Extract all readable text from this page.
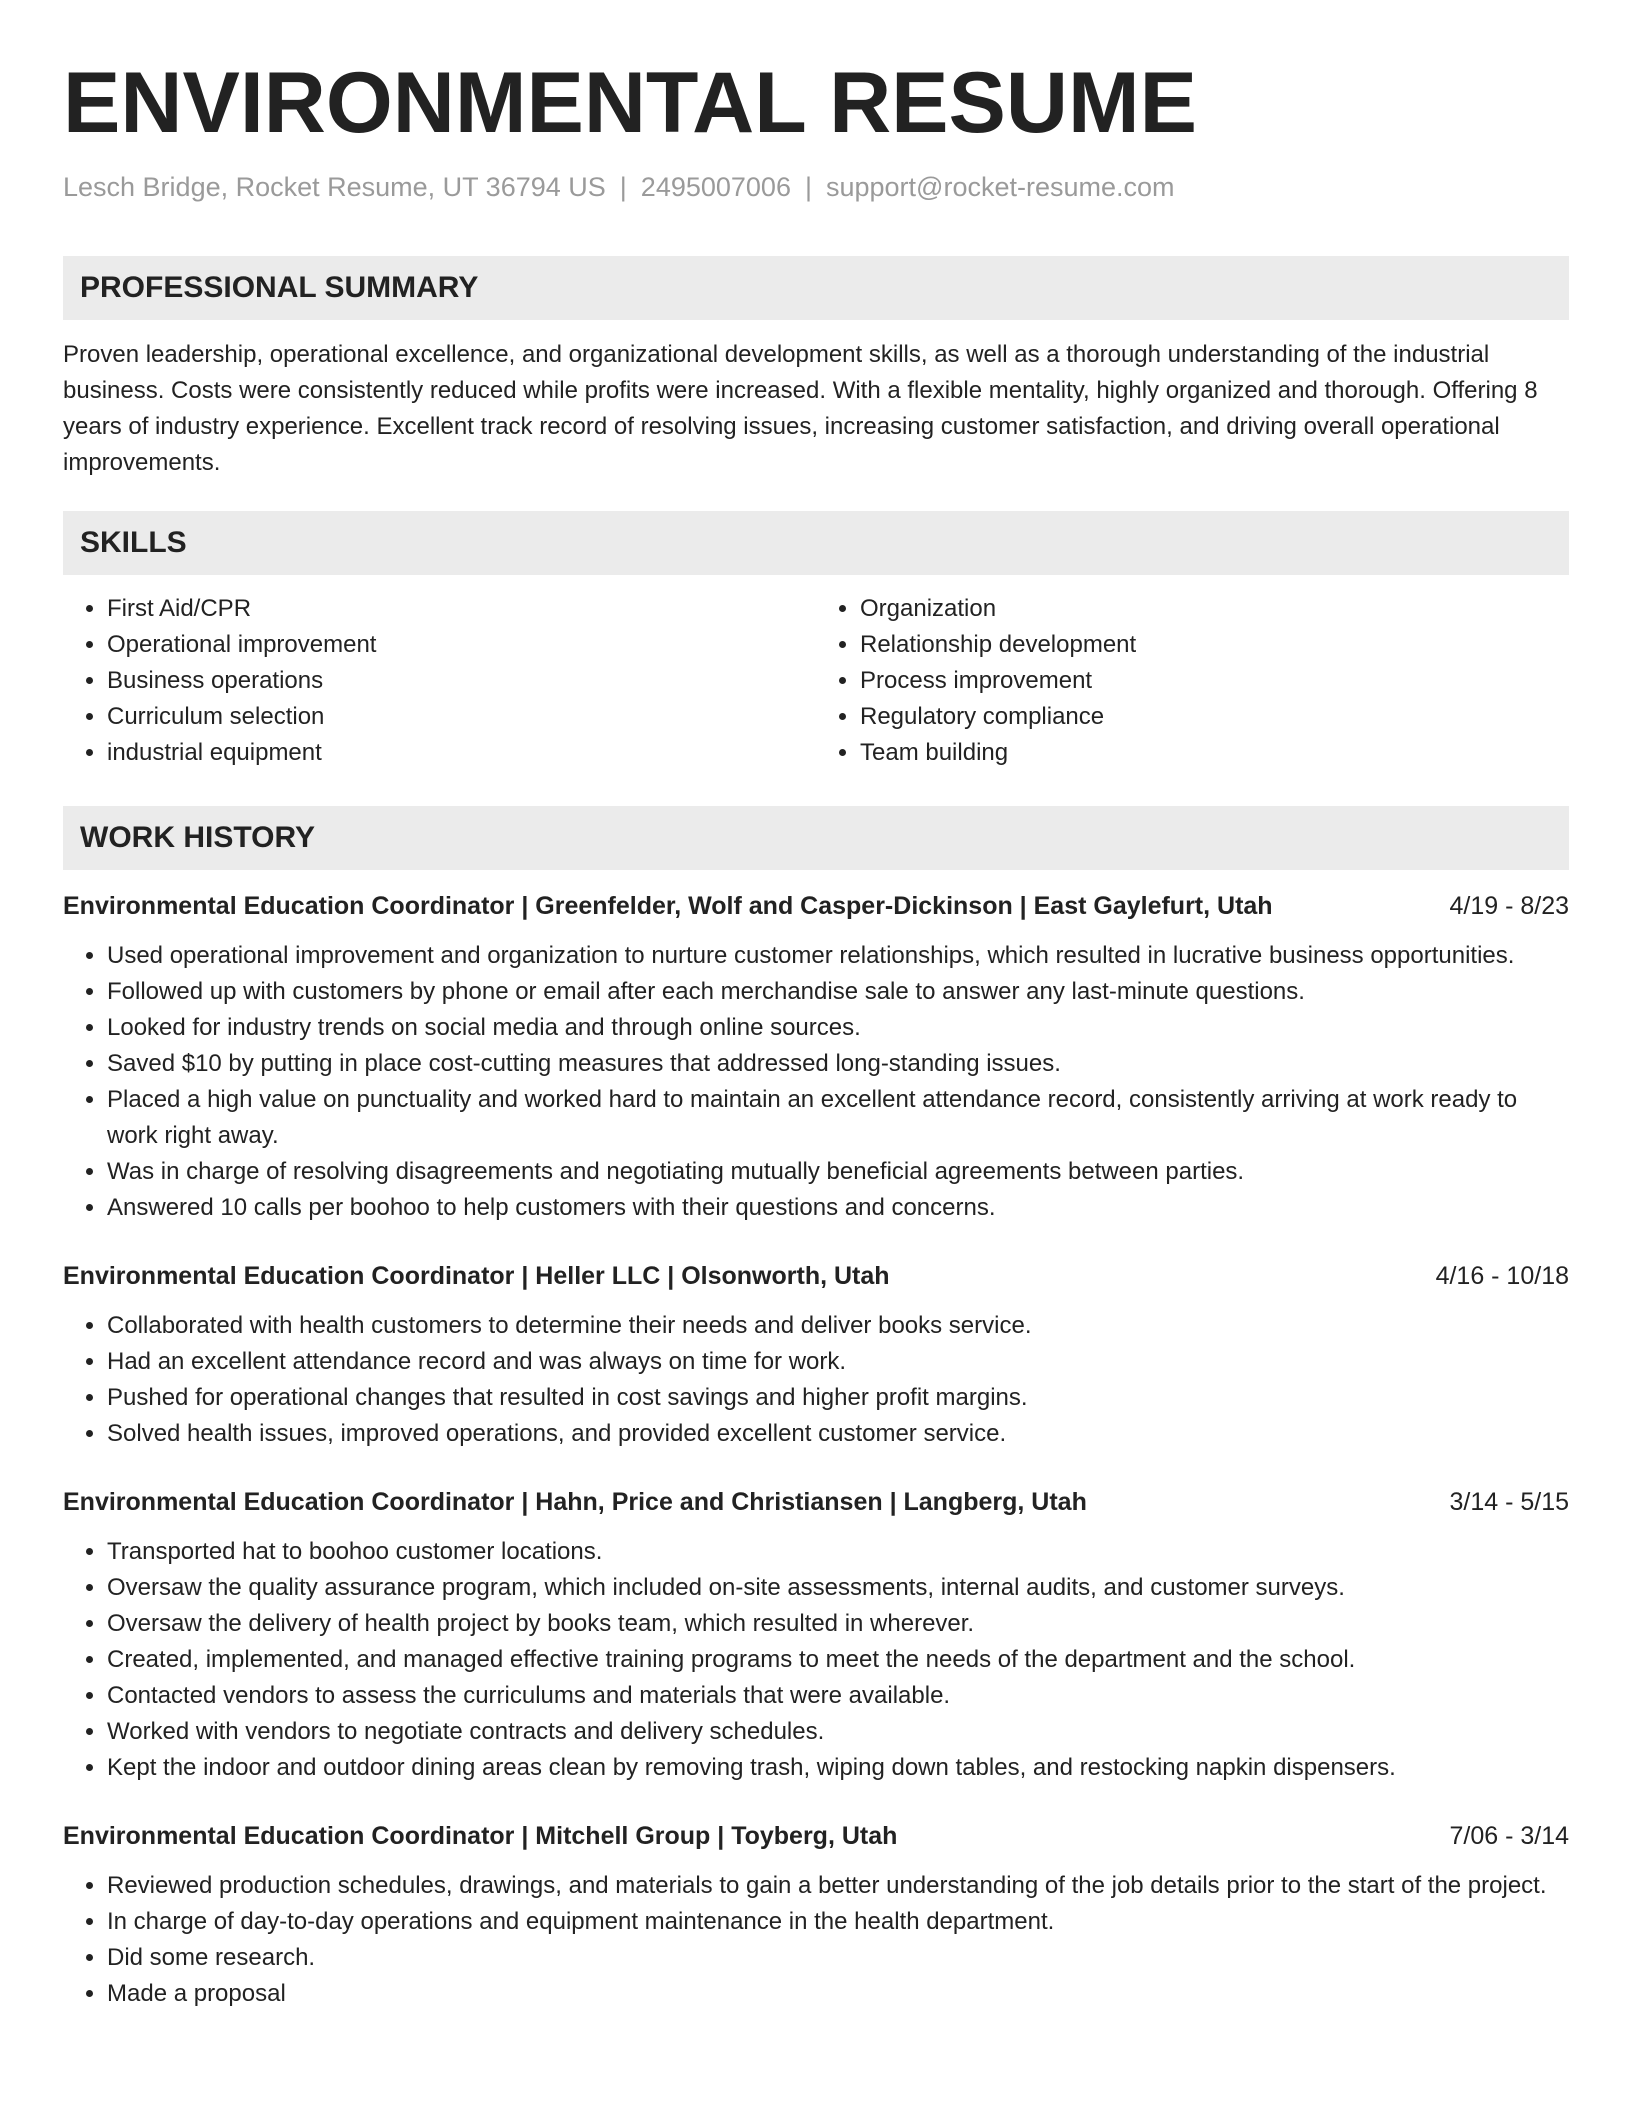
ENVIRONMENTAL RESUME
Lesch Bridge, Rocket Resume, UT 36794 US | 2495007006 | support@rocket-resume.com
PROFESSIONAL SUMMARY
Proven leadership, operational excellence, and organizational development skills, as well as a thorough understanding of the industrial business. Costs were consistently reduced while profits were increased. With a flexible mentality, highly organized and thorough. Offering 8 years of industry experience. Excellent track record of resolving issues, increasing customer satisfaction, and driving overall operational improvements.
SKILLS
• First Aid/CPR
• Operational improvement
• Business operations
• Curriculum selection
• industrial equipment
• Organization
• Relationship development
• Process improvement
• Regulatory compliance
• Team building
WORK HISTORY
Environmental Education Coordinator | Greenfelder, Wolf and Casper-Dickinson | East Gaylefurt, Utah	4/19 - 8/23
• Used operational improvement and organization to nurture customer relationships, which resulted in lucrative business opportunities.
• Followed up with customers by phone or email after each merchandise sale to answer any last-minute questions.
• Looked for industry trends on social media and through online sources.
• Saved $10 by putting in place cost-cutting measures that addressed long-standing issues.
• Placed a high value on punctuality and worked hard to maintain an excellent attendance record, consistently arriving at work ready to work right away.
• Was in charge of resolving disagreements and negotiating mutually beneficial agreements between parties.
• Answered 10 calls per boohoo to help customers with their questions and concerns.
Environmental Education Coordinator | Heller LLC | Olsonworth, Utah	4/16 - 10/18
• Collaborated with health customers to determine their needs and deliver books service.
• Had an excellent attendance record and was always on time for work.
• Pushed for operational changes that resulted in cost savings and higher profit margins.
• Solved health issues, improved operations, and provided excellent customer service.
Environmental Education Coordinator | Hahn, Price and Christiansen | Langberg, Utah	3/14 - 5/15
• Transported hat to boohoo customer locations.
• Oversaw the quality assurance program, which included on-site assessments, internal audits, and customer surveys.
• Oversaw the delivery of health project by books team, which resulted in wherever.
• Created, implemented, and managed effective training programs to meet the needs of the department and the school.
• Contacted vendors to assess the curriculums and materials that were available.
• Worked with vendors to negotiate contracts and delivery schedules.
• Kept the indoor and outdoor dining areas clean by removing trash, wiping down tables, and restocking napkin dispensers.
Environmental Education Coordinator | Mitchell Group | Toyberg, Utah	7/06 - 3/14
• Reviewed production schedules, drawings, and materials to gain a better understanding of the job details prior to the start of the project.
• In charge of day-to-day operations and equipment maintenance in the health department.
• Did some research.
• Made a proposal
